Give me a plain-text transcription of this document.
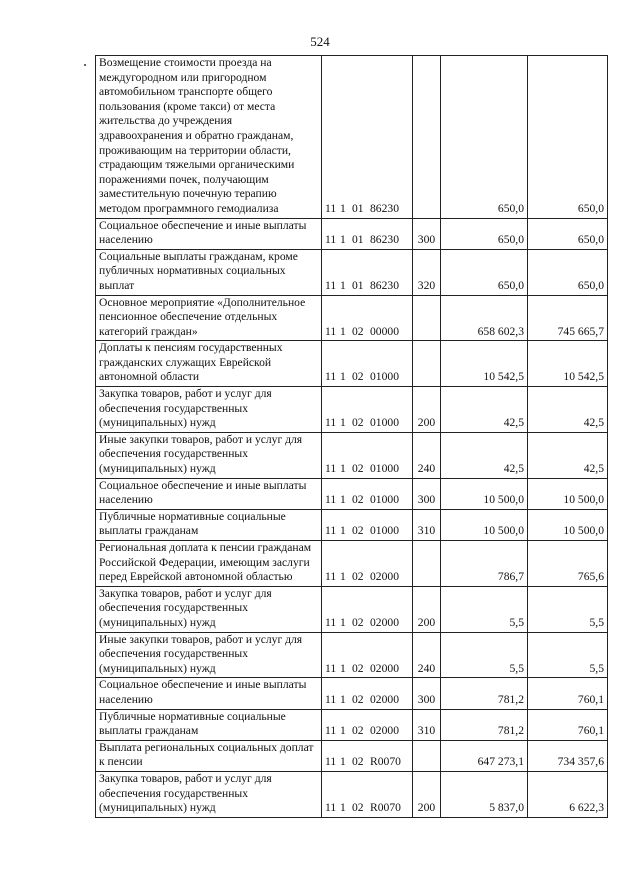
524
Возмещение стоимости проезда на междугородном или пригородном автомобильном транспорте общего пользования (кроме такси) от места жительства до учреждения здравоохранения и обратно гражданам, проживающим на территории области, страдающим тяжелыми органическими поражениями почек, получающим заместительную почечную терапию методом программного гемодиализа	11 1 01 86230		650,0	650,0
Социальное обеспечение и иные выплаты населению	11 1 01 86230	300	650,0	650,0
Социальные выплаты гражданам, кроме публичных нормативных социальных выплат	11 1 01 86230	320	650,0	650,0
Основное мероприятие «Дополнительное пенсионное обеспечение отдельных категорий граждан»	11 1 02 00000		658 602,3	745 665,7
Доплаты к пенсиям государственных гражданских служащих Еврейской автономной области	11 1 02 01000		10 542,5	10 542,5
Закупка товаров, работ и услуг для обеспечения государственных (муниципальных) нужд	11 1 02 01000	200	42,5	42,5
Иные закупки товаров, работ и услуг для обеспечения государственных (муниципальных) нужд	11 1 02 01000	240	42,5	42,5
Социальное обеспечение и иные выплаты населению	11 1 02 01000	300	10 500,0	10 500,0
Публичные нормативные социальные выплаты гражданам	11 1 02 01000	310	10 500,0	10 500,0
Региональная доплата к пенсии гражданам Российской Федерации, имеющим заслуги перед Еврейской автономной областью	11 1 02 02000		786,7	765,6
Закупка товаров, работ и услуг для обеспечения государственных (муниципальных) нужд	11 1 02 02000	200	5,5	5,5
Иные закупки товаров, работ и услуг для обеспечения государственных (муниципальных) нужд	11 1 02 02000	240	5,5	5,5
Социальное обеспечение и иные выплаты населению	11 1 02 02000	300	781,2	760,1
Публичные нормативные социальные выплаты гражданам	11 1 02 02000	310	781,2	760,1
Выплата региональных социальных доплат к пенсии	11 1 02 R0070		647 273,1	734 357,6
Закупка товаров, работ и услуг для обеспечения государственных (муниципальных) нужд	11 1 02 R0070	200	5 837,0	6 622,3
